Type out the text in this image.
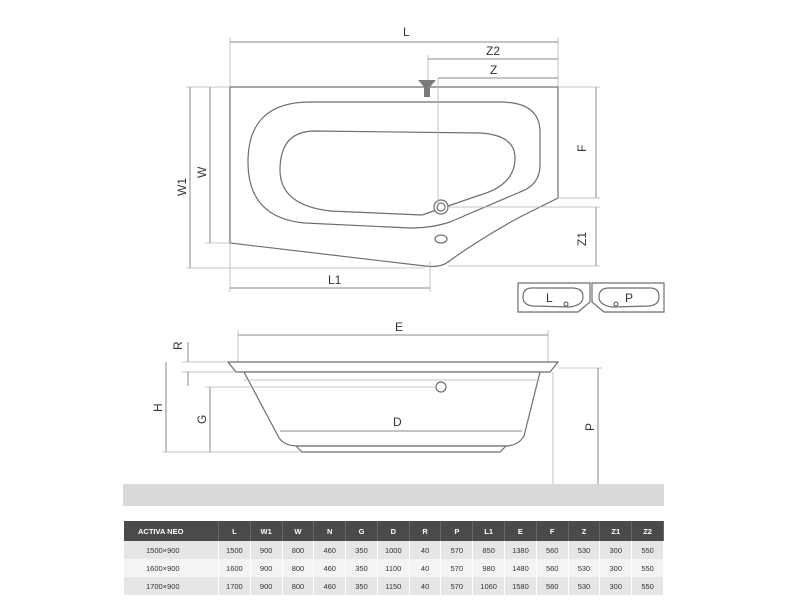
L
Z2
Z
F
Z1
W1
W
L1
L	P
E
D
R
H
G
P
ACTIVA NEO	L	W1	W	N	G	D	R	P	L1	E	F	Z	Z1	Z2
1500×900	1500	900	800	460	350	1000	40	570	850	1380	560	530	300	550
1600×900	1600	900	800	460	350	1100	40	570	980	1480	560	530	300	550
1700×900	1700	900	800	460	350	1150	40	570	1060	1580	560	530	300	550
